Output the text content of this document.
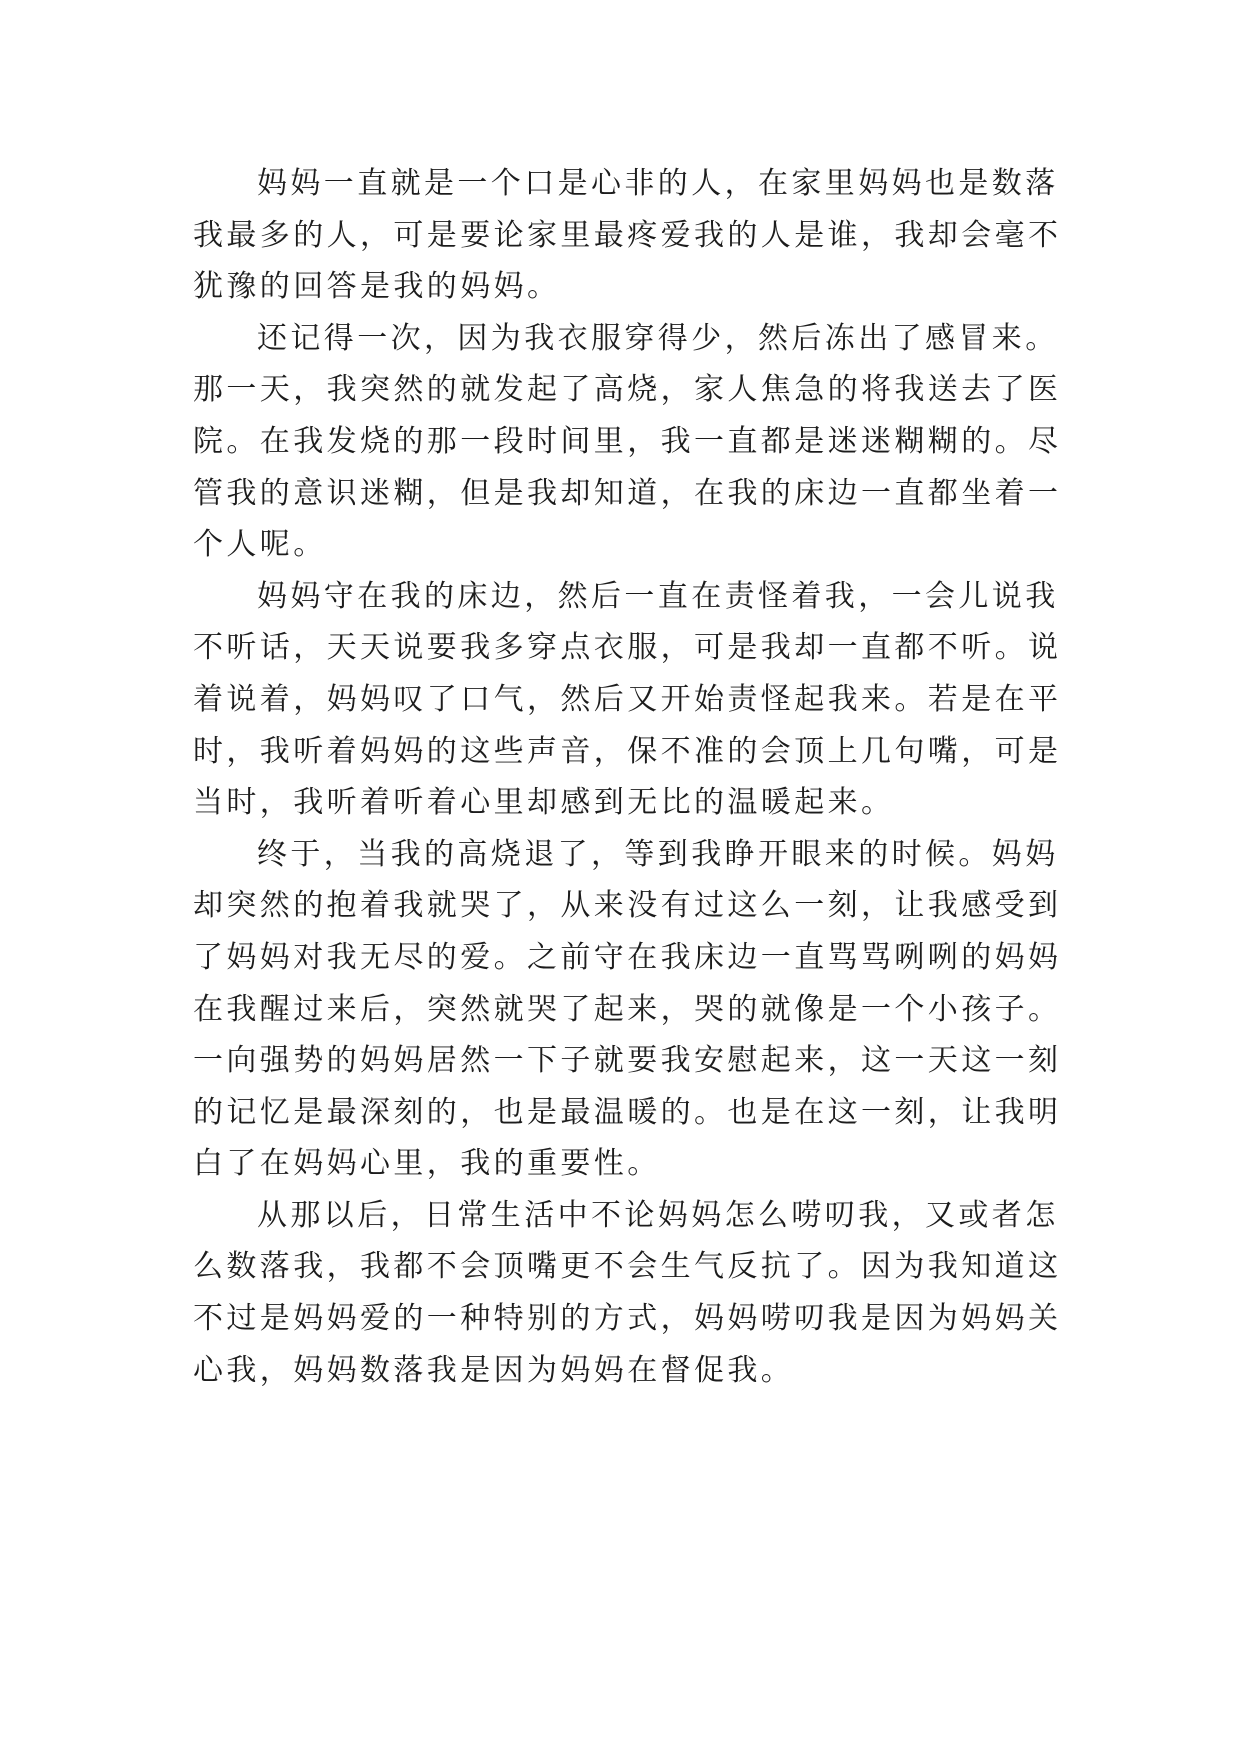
妈妈一直就是一个口是心非的人，在家里妈妈也是数落
我最多的人，可是要论家里最疼爱我的人是谁，我却会毫不
犹豫的回答是我的妈妈。

还记得一次，因为我衣服穿得少，然后冻出了感冒来。
那一天，我突然的就发起了高烧，家人焦急的将我送去了医
院。在我发烧的那一段时间里，我一直都是迷迷糊糊的。尽
管我的意识迷糊，但是我却知道，在我的床边一直都坐着一
个人呢。

妈妈守在我的床边，然后一直在责怪着我，一会儿说我
不听话，天天说要我多穿点衣服，可是我却一直都不听。说
着说着，妈妈叹了口气，然后又开始责怪起我来。若是在平
时，我听着妈妈的这些声音，保不准的会顶上几句嘴，可是
当时，我听着听着心里却感到无比的温暖起来。

终于，当我的高烧退了，等到我睁开眼来的时候。妈妈
却突然的抱着我就哭了，从来没有过这么一刻，让我感受到
了妈妈对我无尽的爱。之前守在我床边一直骂骂咧咧的妈妈
在我醒过来后，突然就哭了起来，哭的就像是一个小孩子。
一向强势的妈妈居然一下子就要我安慰起来，这一天这一刻
的记忆是最深刻的，也是最温暖的。也是在这一刻，让我明
白了在妈妈心里，我的重要性。

从那以后，日常生活中不论妈妈怎么唠叨我，又或者怎
么数落我，我都不会顶嘴更不会生气反抗了。因为我知道这
不过是妈妈爱的一种特别的方式，妈妈唠叨我是因为妈妈关
心我，妈妈数落我是因为妈妈在督促我。
